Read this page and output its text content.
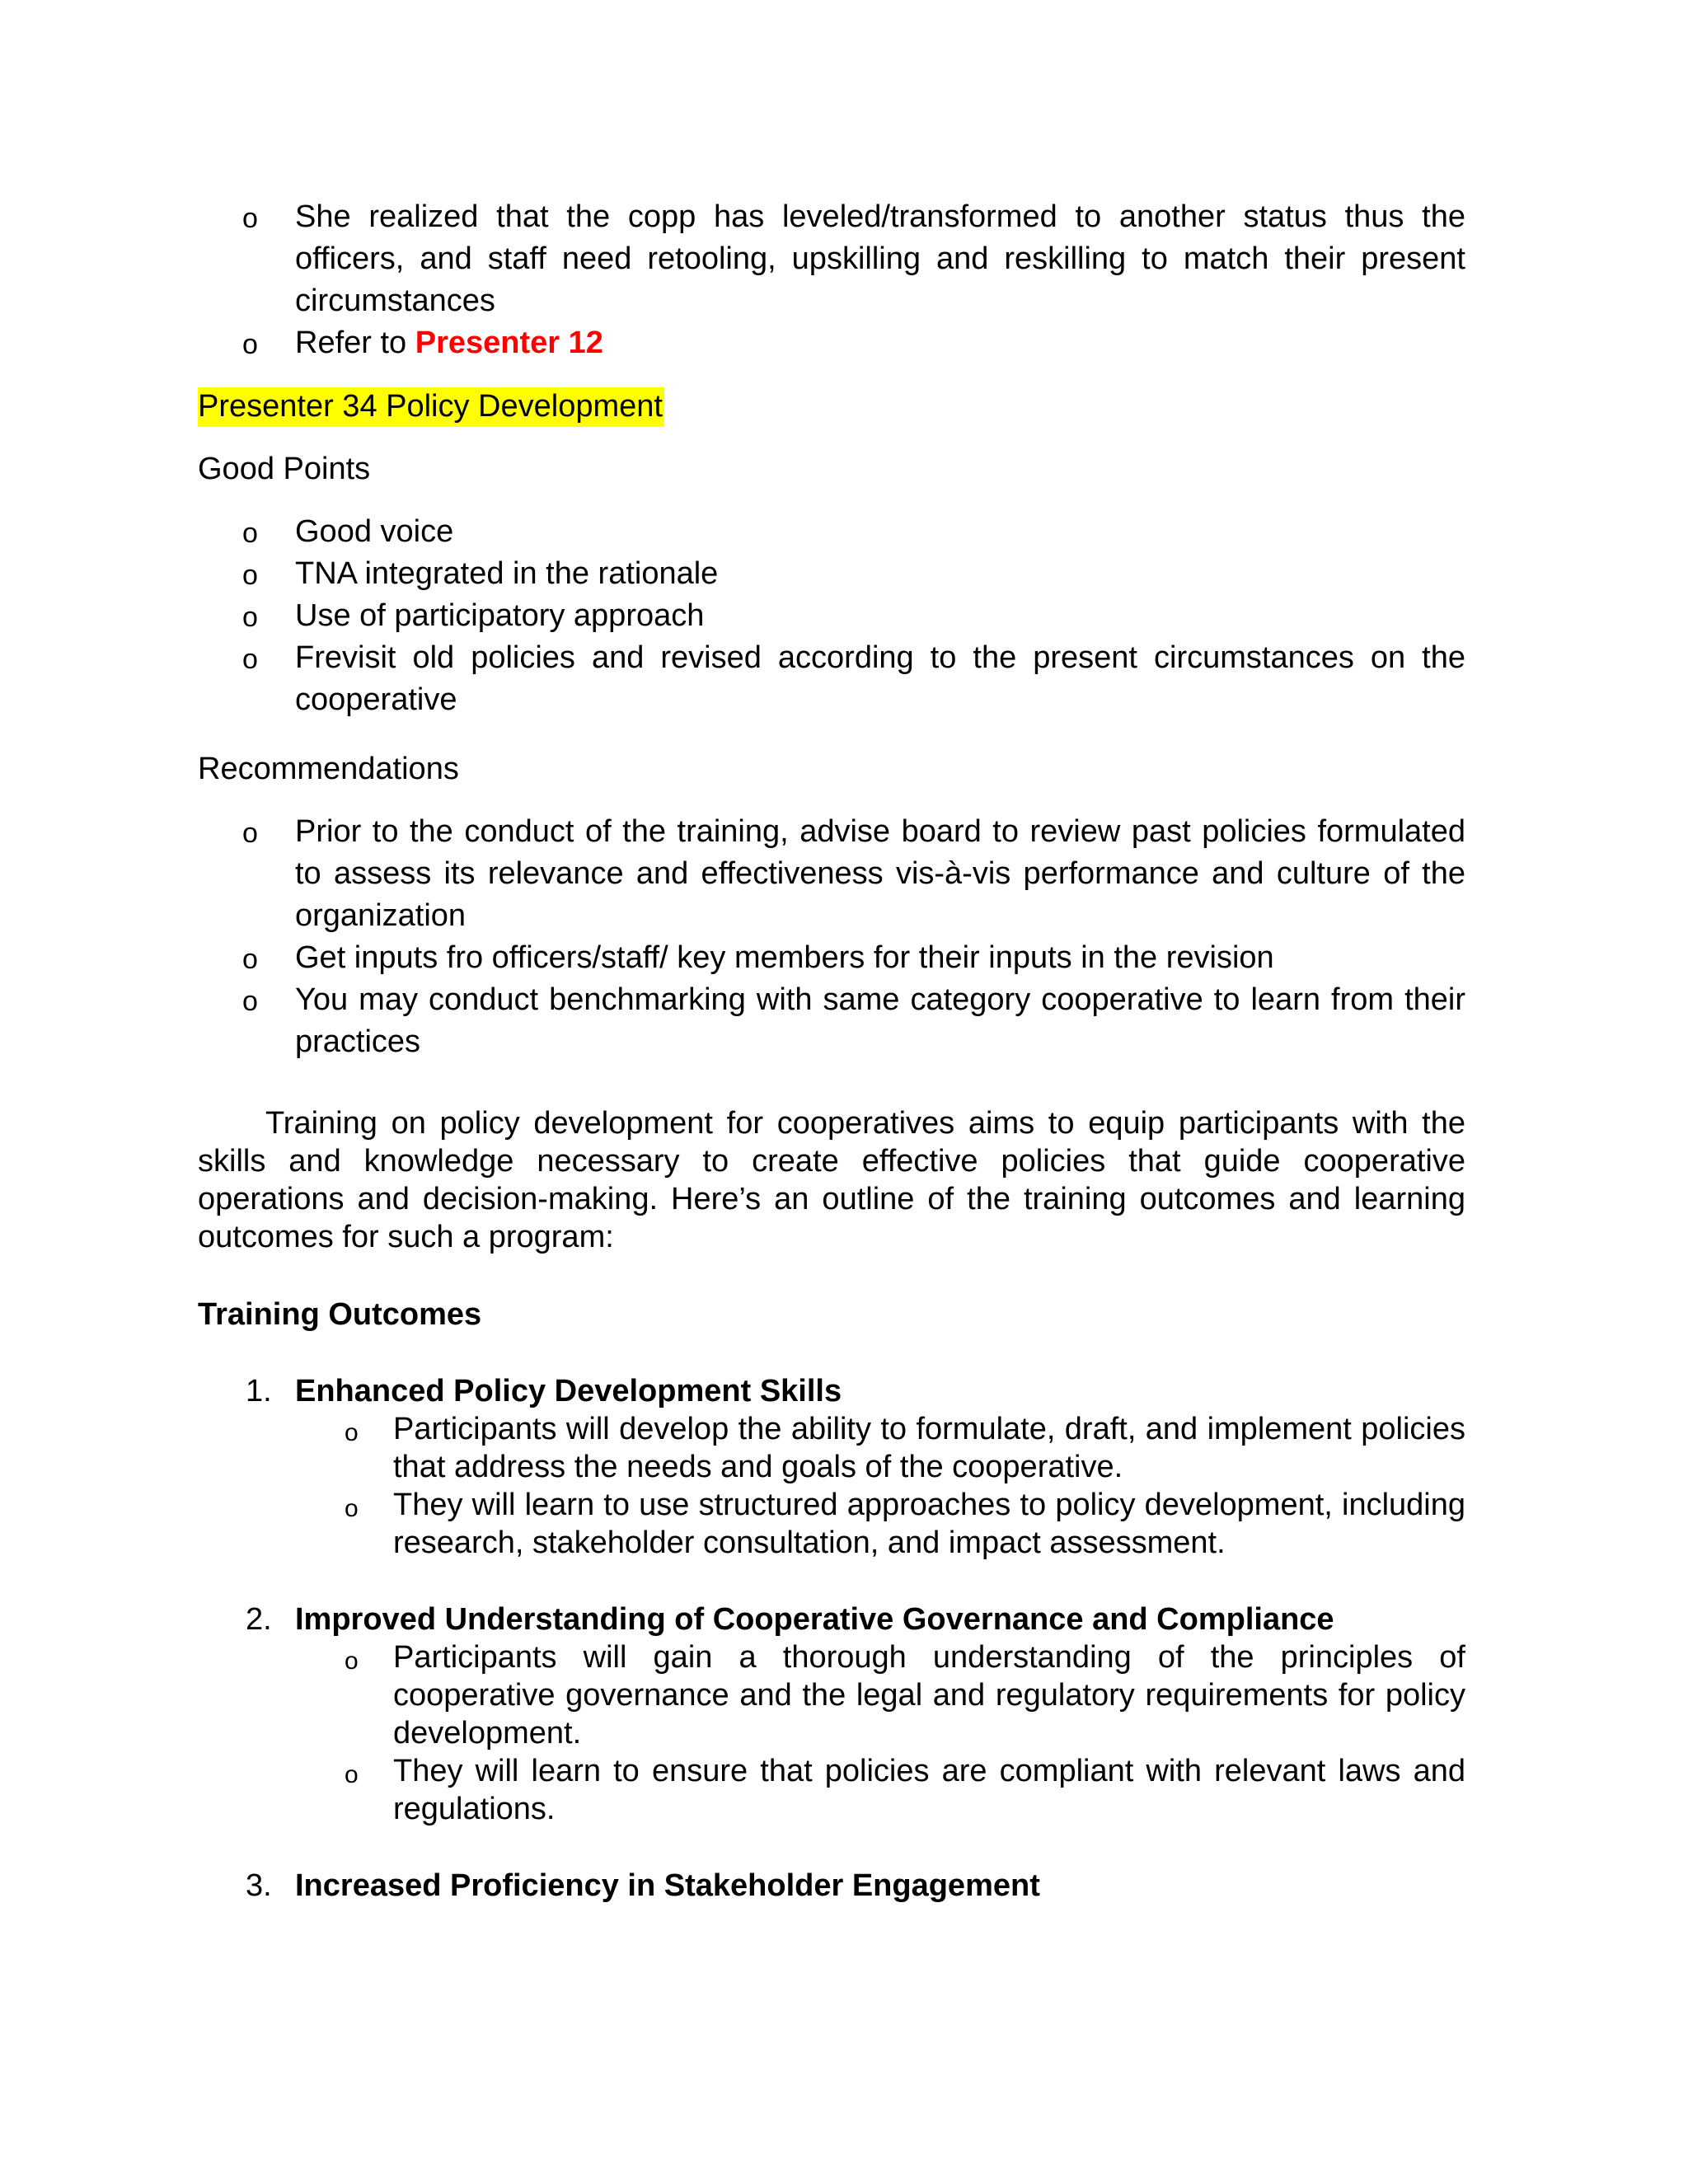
o She realized that the copp has leveled/transformed to another status thus the officers, and staff need retooling, upskilling and reskilling to match their present circumstances
o Refer to Presenter 12
Presenter 34 Policy Development
Good Points
o Good voice
o TNA integrated in the rationale
o Use of participatory approach
o Frevisit old policies and revised according to the present circumstances on the cooperative
Recommendations
o Prior to the conduct of the training, advise board to review past policies formulated to assess its relevance and effectiveness vis-à-vis performance and culture of the organization
o Get inputs fro officers/staff/ key members for their inputs in the revision
o You may conduct benchmarking with same category cooperative to learn from their practices
Training on policy development for cooperatives aims to equip participants with the skills and knowledge necessary to create effective policies that guide cooperative operations and decision-making. Here’s an outline of the training outcomes and learning outcomes for such a program:
Training Outcomes
1. Enhanced Policy Development Skills
o Participants will develop the ability to formulate, draft, and implement policies that address the needs and goals of the cooperative.
o They will learn to use structured approaches to policy development, including research, stakeholder consultation, and impact assessment.
2. Improved Understanding of Cooperative Governance and Compliance
o Participants will gain a thorough understanding of the principles of cooperative governance and the legal and regulatory requirements for policy development.
o They will learn to ensure that policies are compliant with relevant laws and regulations.
3. Increased Proficiency in Stakeholder Engagement
